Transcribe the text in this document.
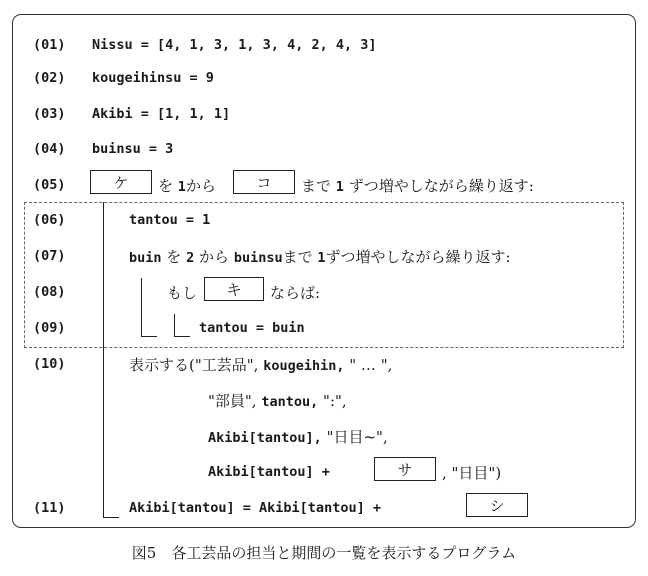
(01) Nissu = [4, 1, 3, 1, 3, 4, 2, 4, 3]
(02) kougeihinsu = 9
(03) Akibi = [1, 1, 1]
(04) buinsu = 3
(05)	ケ	を 1から	コ	まで 1 ずつ増やしながら繰り返す:
(06)	tantou = 1
(07)	buin を 2 から buinsuまで 1ずつ増やしながら繰り返す:
(08)	もし	キ	ならば:
(09)	tantou = buin
(10)	表示する("工芸品", kougeihin, " … ",
"部員", tantou, ":",
Akibi[tantou], "日目~",
Akibi[tantou] +	サ	, "日目")
(11)	Akibi[tantou] = Akibi[tantou] +	シ
図5　各工芸品の担当と期間の一覧を表示するプログラム
